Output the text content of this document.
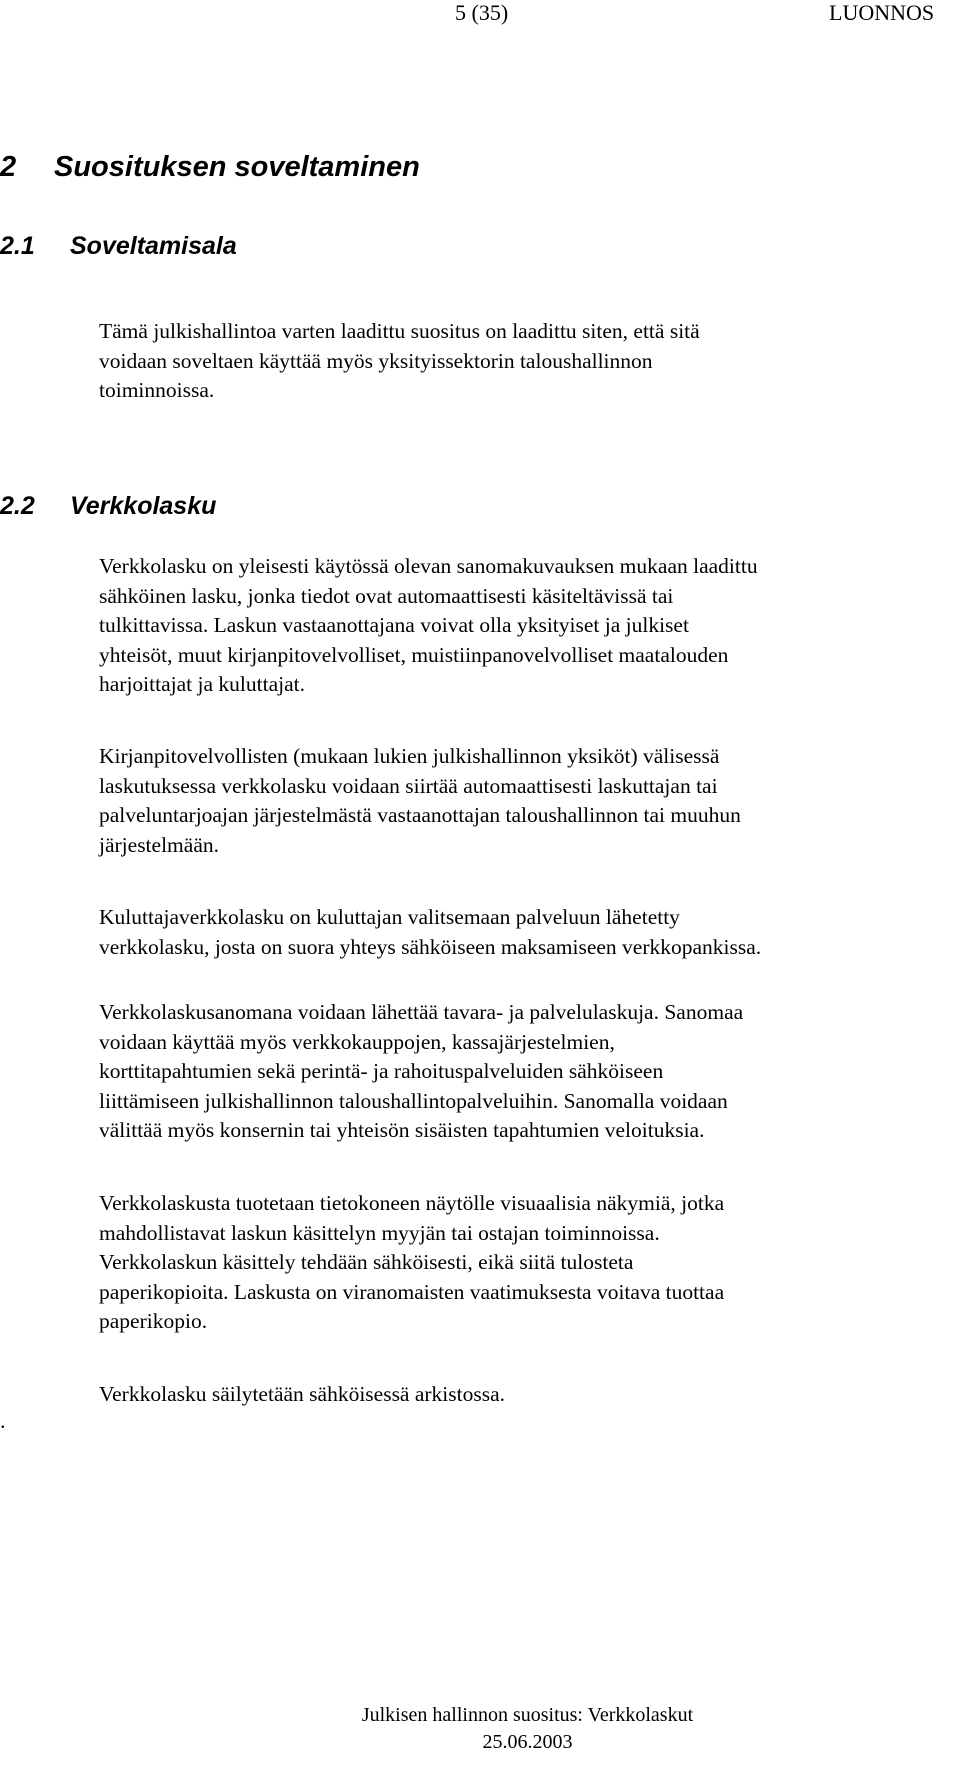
5 (35)	LUONNOS
2 Suosituksen soveltaminen
2.1 Soveltamisala
Tämä julkishallintoa varten laadittu suositus on laadittu siten, että sitä
voidaan soveltaen käyttää myös yksityissektorin taloushallinnon
toiminnoissa.
2.2 Verkkolasku
Verkkolasku on yleisesti käytössä olevan sanomakuvauksen mukaan laadittu
sähköinen lasku, jonka tiedot ovat automaattisesti käsiteltävissä tai
tulkittavissa. Laskun vastaanottajana voivat olla yksityiset ja julkiset
yhteisöt, muut kirjanpitovelvolliset, muistiinpanovelvolliset maatalouden
harjoittajat ja kuluttajat.
Kirjanpitovelvollisten (mukaan lukien julkishallinnon yksiköt) välisessä
laskutuksessa verkkolasku voidaan siirtää automaattisesti laskuttajan tai
palveluntarjoajan järjestelmästä vastaanottajan taloushallinnon tai muuhun
järjestelmään.
Kuluttajaverkkolasku on kuluttajan valitsemaan palveluun lähetetty
verkkolasku, josta on suora yhteys sähköiseen maksamiseen verkkopankissa.
Verkkolaskusanomana voidaan lähettää tavara- ja palvelulaskuja. Sanomaa
voidaan käyttää myös verkkokauppojen, kassajärjestelmien,
korttitapahtumien sekä perintä- ja rahoituspalveluiden sähköiseen
liittämiseen julkishallinnon taloushallintopalveluihin. Sanomalla voidaan
välittää myös konsernin tai yhteisön sisäisten tapahtumien veloituksia.
Verkkolaskusta tuotetaan tietokoneen näytölle visuaalisia näkymiä, jotka
mahdollistavat laskun käsittelyn myyjän tai ostajan toiminnoissa.
Verkkolaskun käsittely tehdään sähköisesti, eikä siitä tulosteta
paperikopioita. Laskusta on viranomaisten vaatimuksesta voitava tuottaa
paperikopio.
Verkkolasku säilytetään sähköisessä arkistossa.
.
Julkisen hallinnon suositus: Verkkolaskut
25.06.2003
